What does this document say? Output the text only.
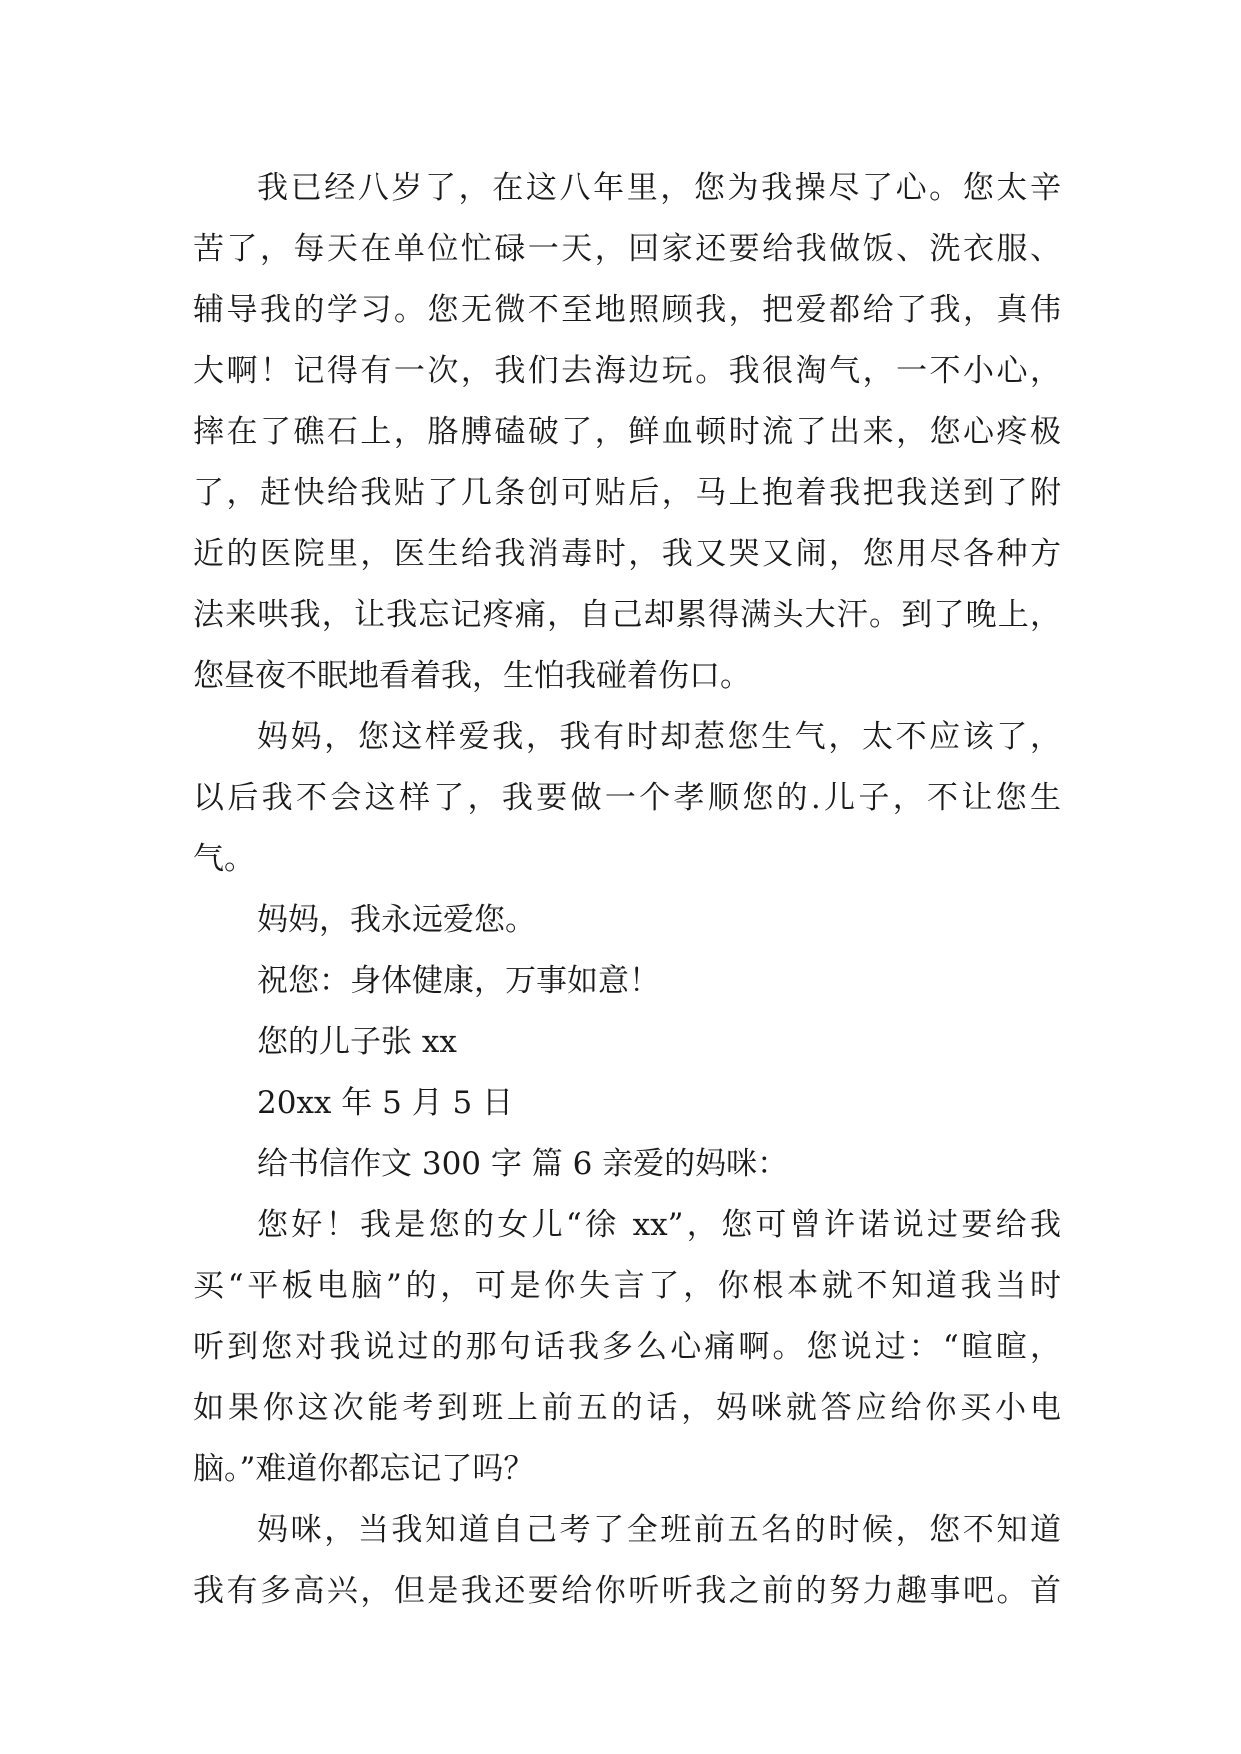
我已经八岁了，在这八年里，您为我操尽了心。您太辛
苦了，每天在单位忙碌一天，回家还要给我做饭、洗衣服、
辅导我的学习。您无微不至地照顾我，把爱都给了我，真伟
大啊！记得有一次，我们去海边玩。我很淘气，一不小心，
摔在了礁石上，胳膊磕破了，鲜血顿时流了出来，您心疼极
了，赶快给我贴了几条创可贴后，马上抱着我把我送到了附
近的医院里，医生给我消毒时，我又哭又闹，您用尽各种方
法来哄我，让我忘记疼痛，自己却累得满头大汗。到了晚上，
您昼夜不眠地看着我，生怕我碰着伤口。
妈妈，您这样爱我，我有时却惹您生气，太不应该了，
以后我不会这样了，我要做一个孝顺您的.儿子，不让您生
气。
妈妈，我永远爱您。
祝您：身体健康，万事如意！
您的儿子张 xx
20xx 年 5 月 5 日
给书信作文 300 字 篇 6 亲爱的妈咪：
您好！我是您的女儿“徐 xx”，您可曾许诺说过要给我
买“平板电脑”的，可是你失言了，你根本就不知道我当时
听到您对我说过的那句话我多么心痛啊。您说过：“暄暄，
如果你这次能考到班上前五的话，妈咪就答应给你买小电
脑。”难道你都忘记了吗？
妈咪，当我知道自己考了全班前五名的时候，您不知道
我有多高兴，但是我还要给你听听我之前的努力趣事吧。首
